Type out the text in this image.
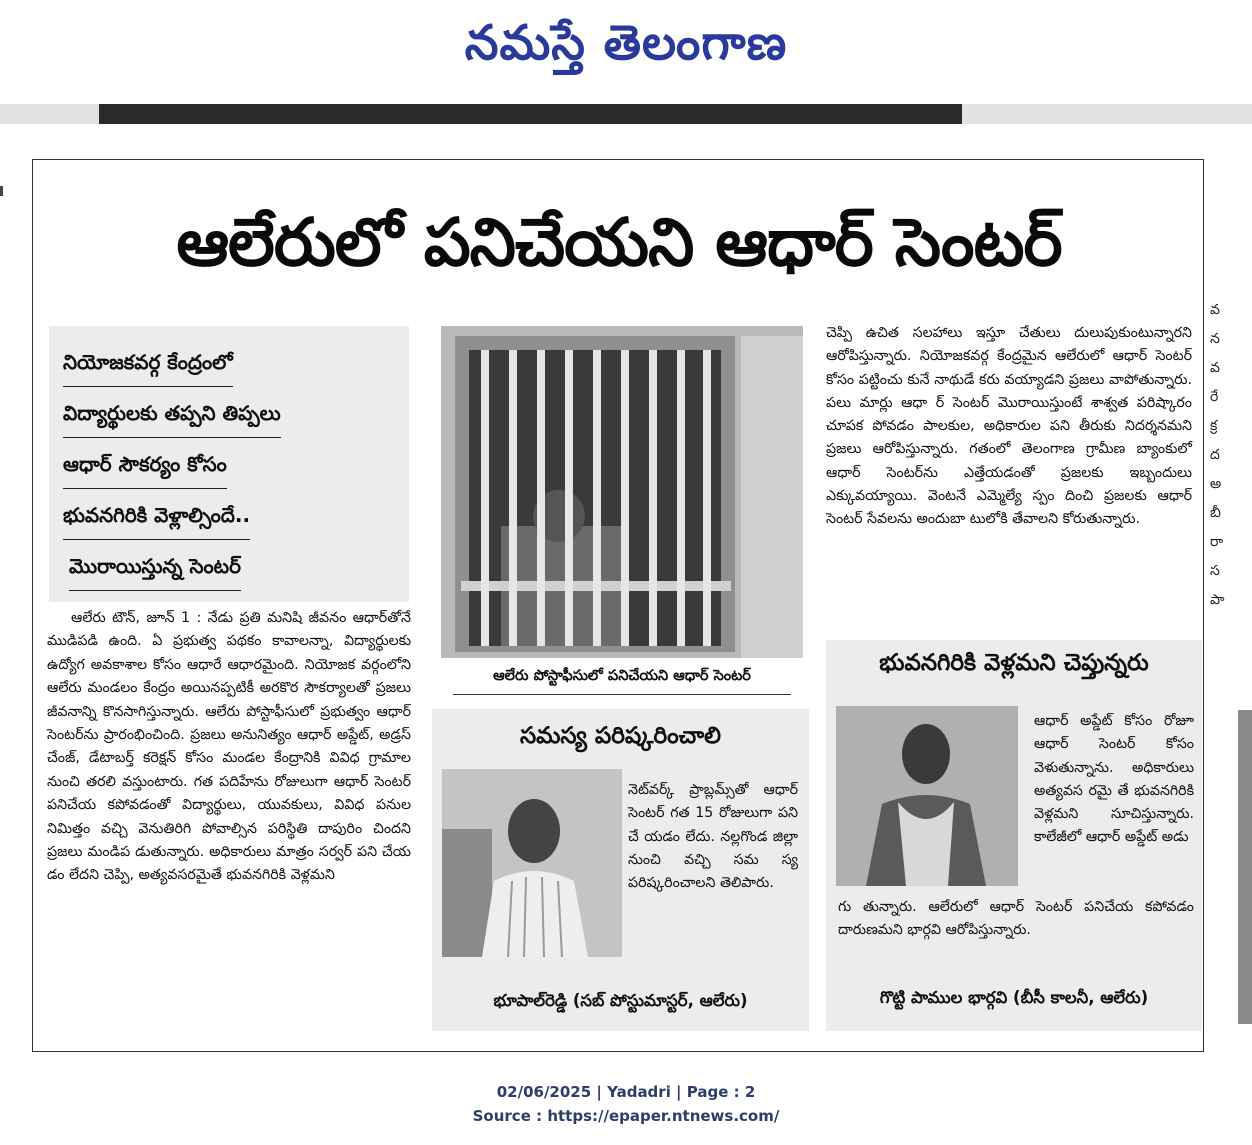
నమస్తే తెలంగాణ
ఆలేరులో పనిచేయని ఆధార్ సెంటర్
నియోజకవర్గ కేంద్రంలో
విద్యార్థులకు తప్పని తిప్పలు
ఆధార్ సౌకర్యం కోసం
భువనగిరికి వెళ్లాల్సిందే..
మొరాయిస్తున్న సెంటర్

ఆలేరు టౌన్, జూన్ 1 : నేడు ప్రతి మనిషి జీవనం ఆధార్‌తోనే ముడిపడి ఉంది. ఏ ప్రభుత్వ పథకం కావాలన్నా, విద్యార్థులకు ఉద్యోగ అవకాశాల కోసం ఆధారే ఆధారమైంది. నియోజక వర్గంలోని ఆలేరు మండలం కేంద్రం అయినప్పటికీ అరకొర సౌకర్యాలతో ప్రజలు జీవనాన్ని కొనసాగిస్తున్నారు. ఆలేరు పోస్టాఫీసులో ప్రభుత్వం ఆధార్ సెంటర్‌ను ప్రారంభించింది. ప్రజలు అనునిత్యం ఆధార్ అప్డేట్, అడ్రస్ చేంజ్, డేటాబర్త్ కరెక్షన్ కోసం మండల కేంద్రానికి వివిధ గ్రామాల నుంచి తరలి వస్తుంటారు. గత పదిహేను రోజులుగా ఆధార్ సెంటర్ పనిచేయ కపోవడంతో విద్యార్థులు, యువకులు, వివిధ పనుల నిమిత్తం వచ్చి వెనుతిరిగి పోవాల్సిన పరిస్థితి దాపురిం చిందని ప్రజలు మండిప డుతున్నారు. అధికారులు మాత్రం సర్వర్ పని చేయ డం లేదని చెప్పి, అత్యవసరమైతే భువనగిరికి వెళ్లమని

ఆలేరు పోస్టాఫీసులో పనిచేయని ఆధార్ సెంటర్

చెప్పి ఉచిత సలహాలు ఇస్తూ చేతులు దులుపుకుంటున్నారని ఆరోపిస్తున్నారు. నియోజకవర్గ కేంద్రమైన ఆలేరులో ఆధార్ సెంటర్ కోసం పట్టించు కునే నాథుడే కరు వయ్యాడని ప్రజలు వాపోతున్నారు. పలు మార్లు ఆధా ర్ సెంటర్ మొరాయిస్తుంటే శాశ్వత పరిష్కారం చూపక పోవడం పాలకుల, అధికారుల పని తీరుకు నిదర్శనమని ప్రజలు ఆరోపిస్తున్నారు. గతంలో తెలంగాణ గ్రామీణ బ్యాంకులో ఆధార్ సెంటర్‌ను ఎత్తేయడంతో ప్రజలకు ఇబ్బందులు ఎక్కువయ్యాయి. వెంటనే ఎమ్మెల్యే స్పం దించి ప్రజలకు ఆధార్ సెంటర్ సేవలను అందుబా టులోకి తేవాలని కోరుతున్నారు.

సమస్య పరిష్కరించాలి
నెట్‌వర్క్ ప్రాబ్లమ్స్‌తో ఆధార్ సెంటర్ గత 15 రోజులుగా పని చే యడం లేదు. నల్లగొండ జిల్లా నుంచి వచ్చి సమ స్య పరిష్కరించాలని తెలిపారు.
భూపాల్‌రెడ్డి (సబ్ పోస్టుమాస్టర్, ఆలేరు)
భువనగిరికి వెళ్లమని చెప్తున్నరు
ఆధార్ అప్డేట్ కోసం రోజూ ఆధార్ సెంటర్ కోసం వెళుతున్నాను. అధికారులు అత్యవస రమై తే భువనగిరికి వెళ్లమని సూచిస్తున్నారు. కాలేజీలో ఆధార్ అప్డేట్ అడు
గు తున్నారు. ఆలేరులో ఆధార్ సెంటర్ పనిచేయ కపోవడం దారుణమని భార్గవి ఆరోపిస్తున్నారు.
గొట్టి పాముల భార్గవి (బీసీ కాలనీ, ఆలేరు)
వ
న
వ
రే
క్ర
ద
అ
బీ
రా
స
పా
02/06/2025 | Yadadri | Page : 2
Source : https://epaper.ntnews.com/
